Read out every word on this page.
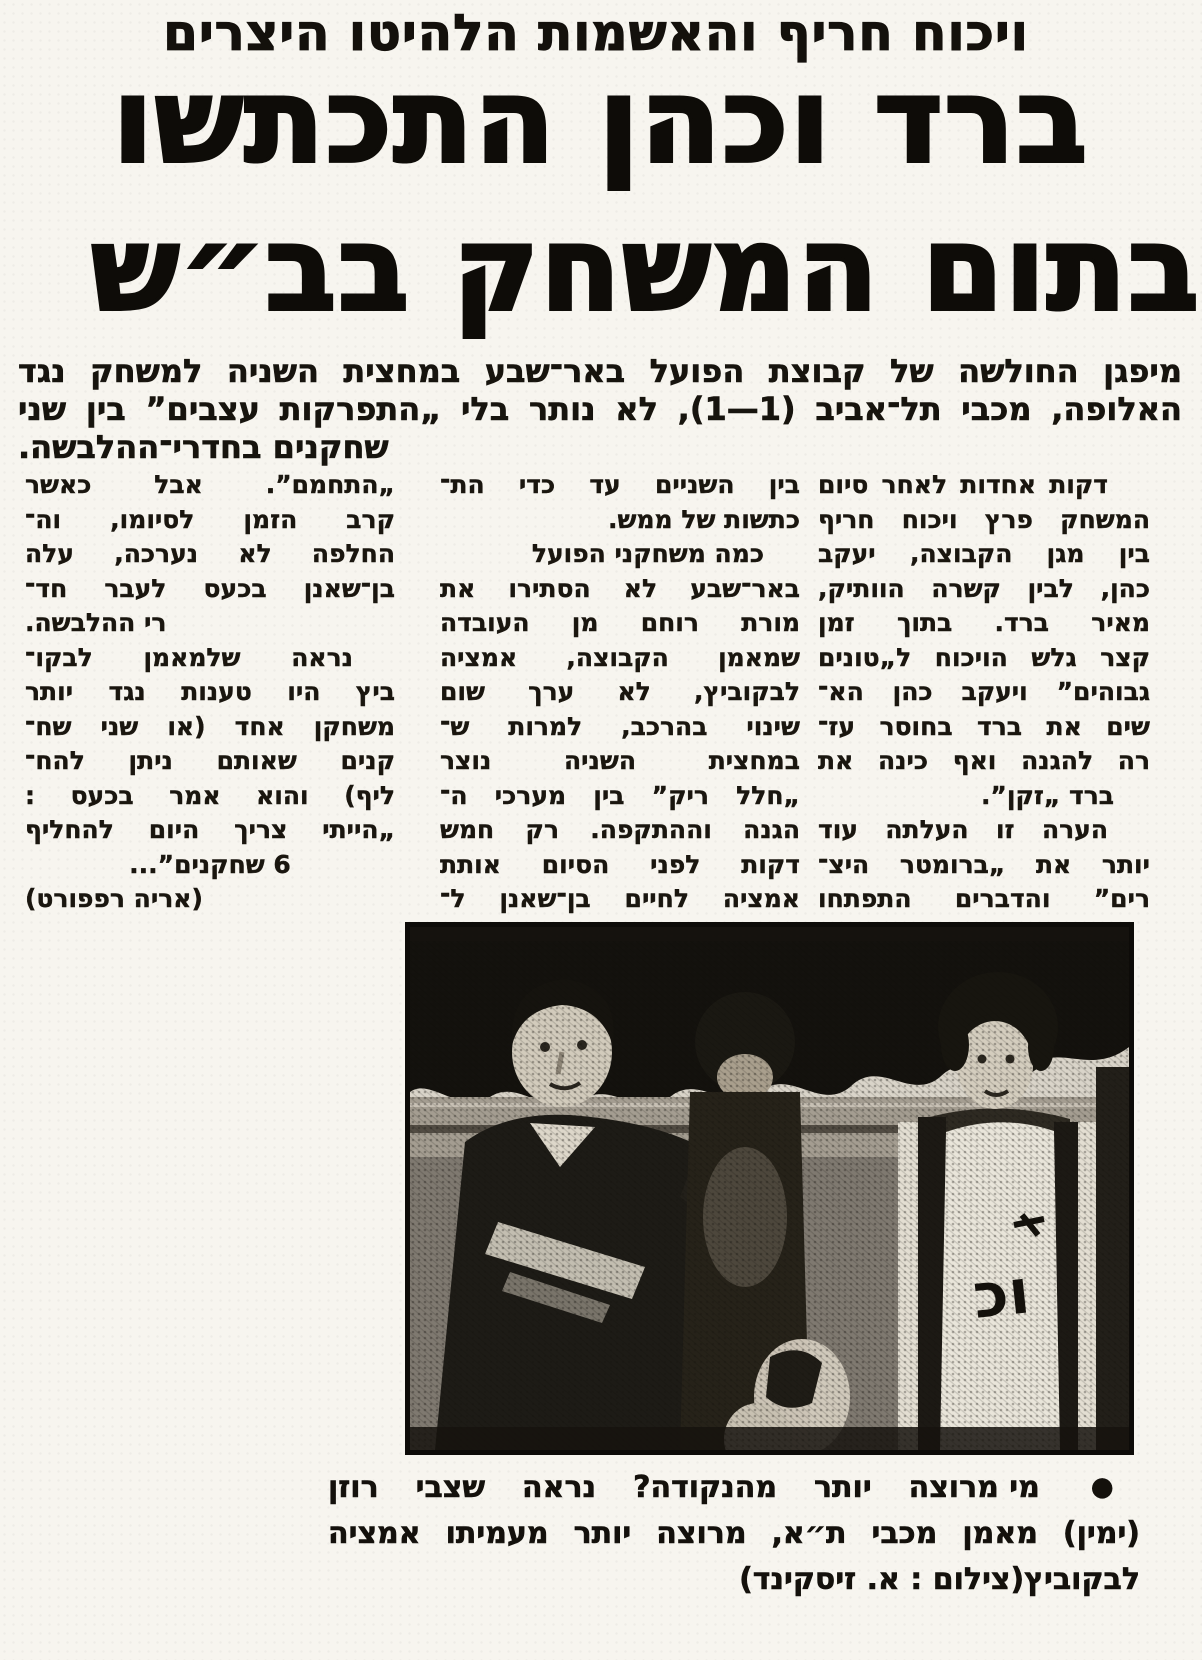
ויכוח חריף והאשמות הלהיטו היצרים
ברד וכהן התכתשו
בתום המשחק בב״ש
מיפגן החולשה של קבוצת הפועל באר־שבע במחצית השניה למשחק נגד
האלופה, מכבי תל־אביב (1—1), לא נותר בלי „התפרקות עצבים” בין שני
שחקנים בחדרי־ההלבשה.
דקות אחדות לאחר סיום
המשחק פרץ ויכוח חריף
בין מגן הקבוצה, יעקב
כהן, לבין קשרה הוותיק,
מאיר ברד. בתוך זמן
קצר גלש הויכוח ל„טונים
גבוהים” ויעקב כהן הא־
שים את ברד בחוסר עז־
רה להגנה ואף כינה את
ברד „זקן”.
הערה זו העלתה עוד
יותר את „ברומטר היצ־
רים” והדברים התפתחו
בין השניים עד כדי הת־
כתשות של ממש.
כמה משחקני הפועל
באר־שבע לא הסתירו את
מורת רוחם מן העובדה
שמאמן הקבוצה, אמציה
לבקוביץ, לא ערך שום
שינוי בהרכב, למרות ש־
במחצית השניה נוצר
„חלל ריק” בין מערכי ה־
הגנה וההתקפה. רק חמש
דקות לפני הסיום אותת
אמציה לחיים בן־שאנן ל־
„התחמם”. אבל כאשר
קרב הזמן לסיומו, וה־
החלפה לא נערכה, עלה
בן־שאנן בכעס לעבר חד־
רי ההלבשה.
נראה שלמאמן לבקו־
ביץ היו טענות נגד יותר
משחקן אחד (או שני שח־
קנים שאותם ניתן להח־
ליף) והוא אמר בכעס :
„הייתי צריך היום להחליף
6 שחקנים”...
(אריה רפפורט)
● מי מרוצה יותר מהנקודה? נראה שצבי רוזן
(ימין) מאמן מכבי ת״א, מרוצה יותר מעמיתו אמציה
לבקוביץ
(צילום : א. זיסקינד)
